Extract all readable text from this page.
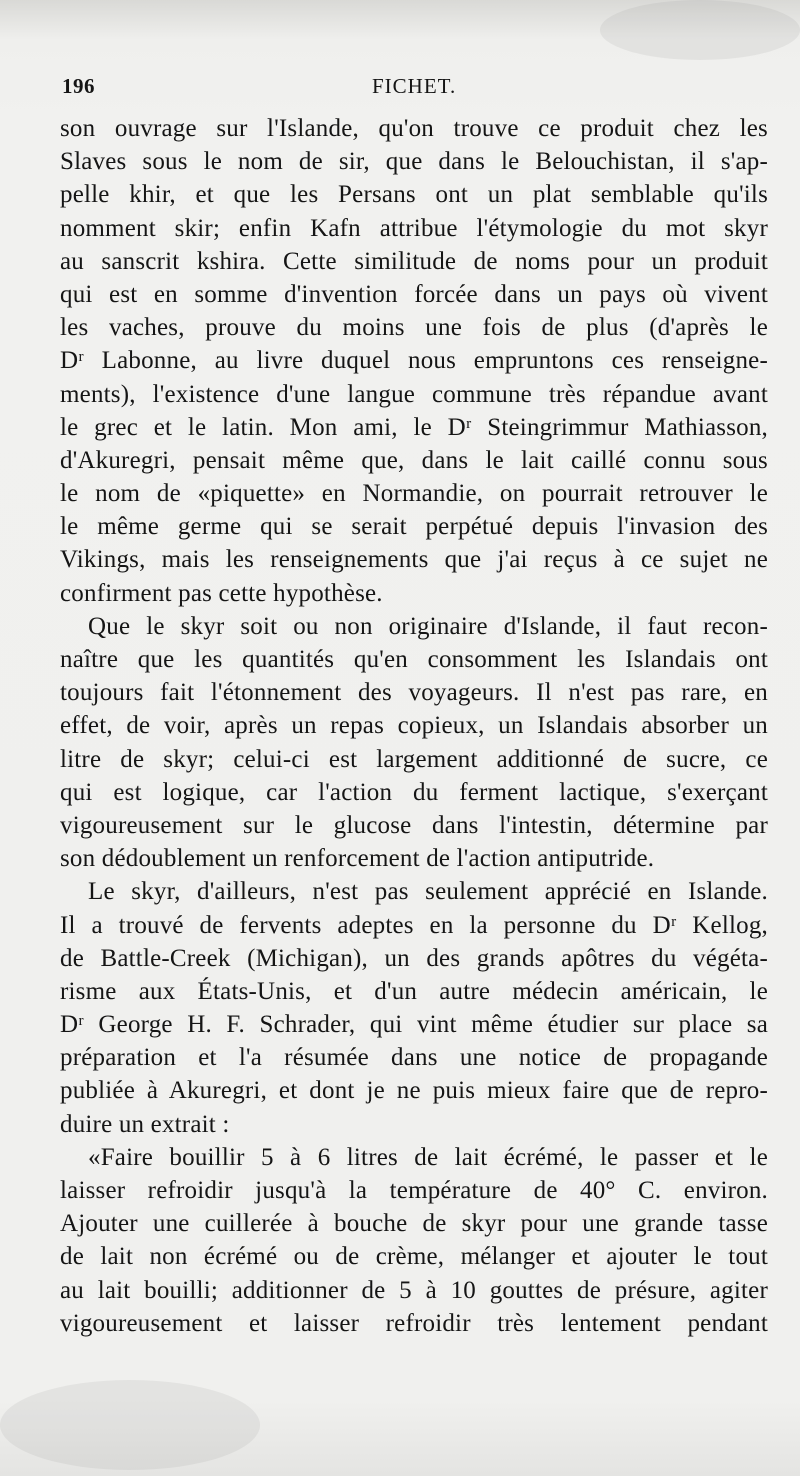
196	FICHET.
son ouvrage sur l'Islande, qu'on trouve ce produit chez les
Slaves sous le nom de sir, que dans le Belouchistan, il s'ap-
pelle khir, et que les Persans ont un plat semblable qu'ils
nomment skir; enfin Kafn attribue l'étymologie du mot skyr
au sanscrit kshira. Cette similitude de noms pour un produit
qui est en somme d'invention forcée dans un pays où vivent
les vaches, prouve du moins une fois de plus (d'après le
Dʳ Labonne, au livre duquel nous empruntons ces renseigne-
ments), l'existence d'une langue commune très répandue avant
le grec et le latin. Mon ami, le Dʳ Steingrimmur Mathiasson,
d'Akuregri, pensait même que, dans le lait caillé connu sous
le nom de «piquette» en Normandie, on pourrait retrouver le
le même germe qui se serait perpétué depuis l'invasion des
Vikings, mais les renseignements que j'ai reçus à ce sujet ne
confirment pas cette hypothèse.
Que le skyr soit ou non originaire d'Islande, il faut recon-
naître que les quantités qu'en consomment les Islandais ont
toujours fait l'étonnement des voyageurs. Il n'est pas rare, en
effet, de voir, après un repas copieux, un Islandais absorber un
litre de skyr; celui-ci est largement additionné de sucre, ce
qui est logique, car l'action du ferment lactique, s'exerçant
vigoureusement sur le glucose dans l'intestin, détermine par
son dédoublement un renforcement de l'action antiputride.
Le skyr, d'ailleurs, n'est pas seulement apprécié en Islande.
Il a trouvé de fervents adeptes en la personne du Dʳ Kellog,
de Battle-Creek (Michigan), un des grands apôtres du végéta-
risme aux États-Unis, et d'un autre médecin américain, le
Dʳ George H. F. Schrader, qui vint même étudier sur place sa
préparation et l'a résumée dans une notice de propagande
publiée à Akuregri, et dont je ne puis mieux faire que de repro-
duire un extrait :
«Faire bouillir 5 à 6 litres de lait écrémé, le passer et le
laisser refroidir jusqu'à la température de 40° C. environ.
Ajouter une cuillerée à bouche de skyr pour une grande tasse
de lait non écrémé ou de crème, mélanger et ajouter le tout
au lait bouilli; additionner de 5 à 10 gouttes de présure, agiter
vigoureusement et laisser refroidir très lentement pendant
